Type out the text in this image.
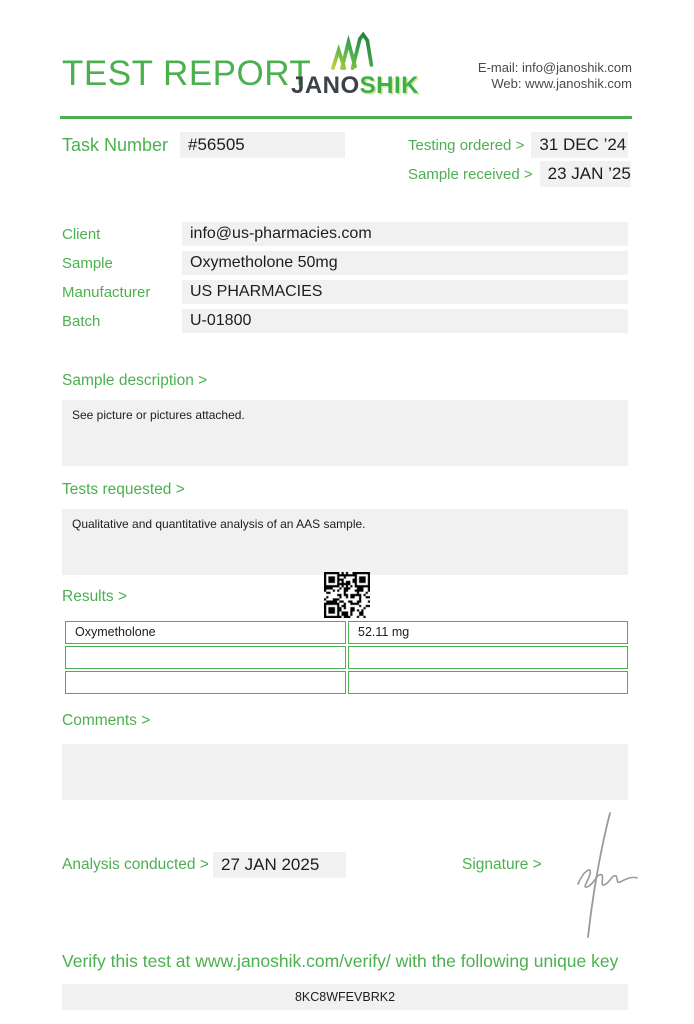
TEST REPORT
JANOSHIK
E-mail: info@janoshik.com
Web: www.janoshik.com
Task Number	#56505	Testing ordered > 31 DEC ’24
Sample received > 23 JAN ’25
Client	info@us-pharmacies.com
Sample	Oxymetholone 50mg
Manufacturer	US PHARMACIES
Batch	U-01800
Sample description >
See picture or pictures attached.
Tests requested >
Qualitative and quantitative analysis of an AAS sample.
Results >
Oxymetholone	52.11 mg
Comments >
Analysis conducted > 27 JAN 2025	Signature >
Verify this test at www.janoshik.com/verify/ with the following unique key
8KC8WFEVBRK2
